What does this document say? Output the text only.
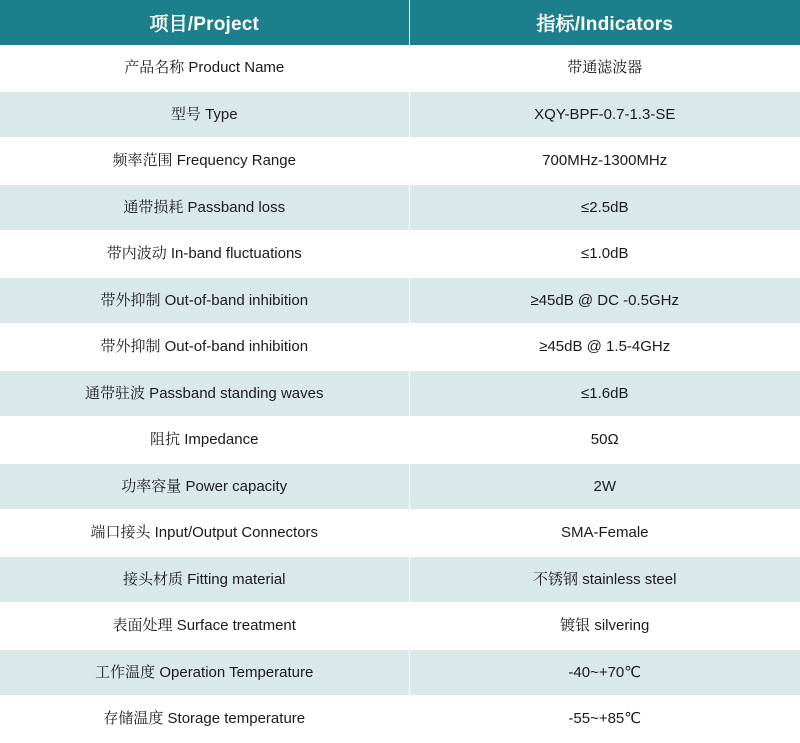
项目/Project	指标/Indicators
产品名称 Product Name	带通滤波器
型号 Type	XQY-BPF-0.7-1.3-SE
频率范围 Frequency Range	700MHz-1300MHz
通带损耗 Passband loss	≤2.5dB
带内波动 In-band fluctuations	≤1.0dB
带外抑制 Out-of-band inhibition	≥45dB @ DC -0.5GHz
带外抑制 Out-of-band inhibition	≥45dB @ 1.5-4GHz
通带驻波 Passband standing waves	≤1.6dB
阻抗 Impedance	50Ω
功率容量 Power capacity	2W
端口接头 Input/Output Connectors	SMA-Female
接头材质 Fitting material	不锈钢 stainless steel
表面处理 Surface treatment	镀银 silvering
工作温度 Operation Temperature	-40~+70℃
存储温度 Storage temperature	-55~+85℃
